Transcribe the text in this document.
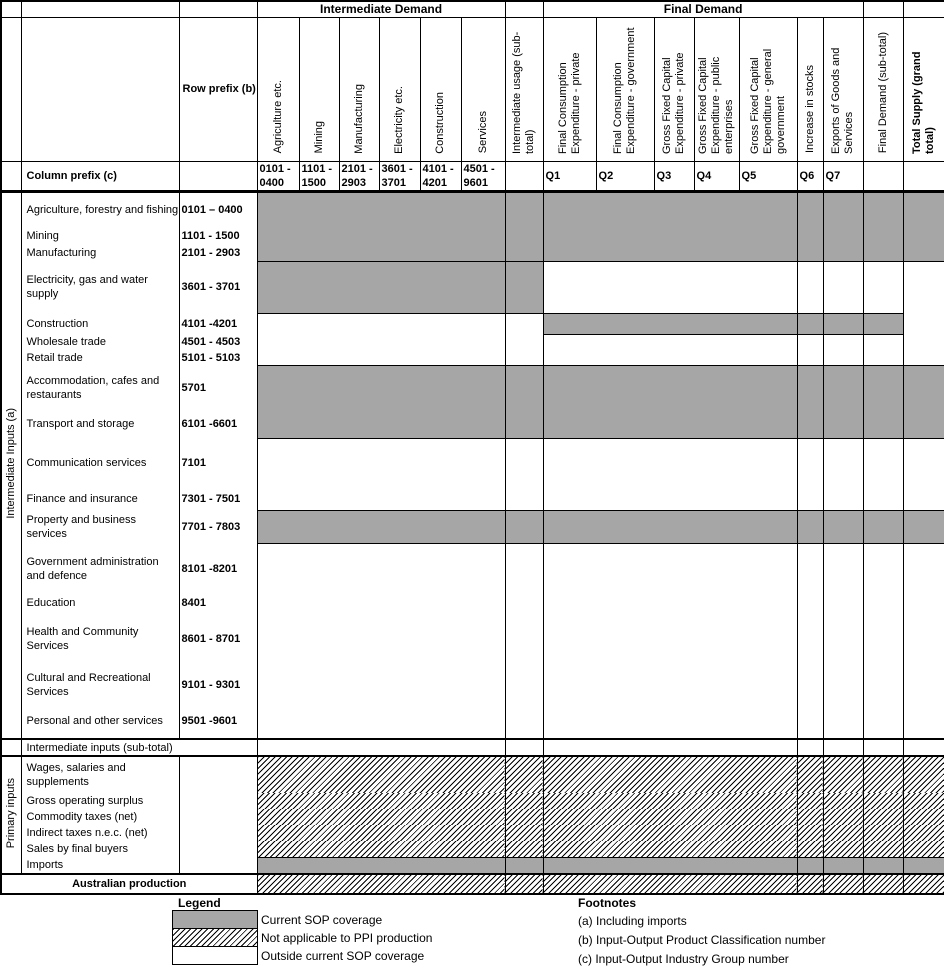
			Intermediate Demand							Final Demand								
		Row prefix (b)	Agriculture etc.	Mining	Manufacturing	Electricity etc.	Construction	Services	Intermediate usage (sub-total)	Final Consumption Expenditure - private	Final Consumption Expenditure - government	Gross Fixed Capital Expenditure - private	Gross Fixed Capital Expenditure - public enterprises	Gross Fixed Capital Expenditure - general government	Increase in stocks	Exports of Goods and Services	Final Demand (sub-total)	Total Supply (grand total)
	Column prefix (c)		0101 - 0400	1101 - 1500	2101 - 2903	3601 - 3701	4101 - 4201	4501 - 9601		Q1	Q2	Q3	Q4	Q5	Q6	Q7		
Intermediate Inputs (a)	Agriculture, forestry and fishing	0101 – 0400																
	Mining	1101 - 1500																
	Manufacturing	2101 - 2903																
	Electricity, gas and water supply	3601 - 3701																
	Construction	4101 -4201																
	Wholesale trade	4501 - 4503																
	Retail trade	5101 - 5103																
	Accommodation, cafes and restaurants	5701																
	Transport and storage	6101 -6601																
	Communication services	7101																
	Finance and insurance	7301 - 7501																
	Property and business services	7701 - 7803																
	Government administration and defence	8101 -8201																
	Education	8401																
	Health and Community Services	8601 - 8701																
	Cultural and Recreational Services	9101 - 9301																
	Personal and other services	9501 -9601																
	Intermediate inputs (sub-total)																	
Primary inputs	Wages, salaries and supplements																	
	Gross operating surplus																	
	Commodity taxes (net)																	
	Indirect taxes n.e.c. (net)																	
	Sales by final buyers																	
	Imports																	
Australian production																		
Legend
Current SOP coverage
Not applicable to PPI production
Outside current SOP coverage
Footnotes
(a) Including imports
(b) Input-Output Product Classification number
(c) Input-Output Industry Group number
